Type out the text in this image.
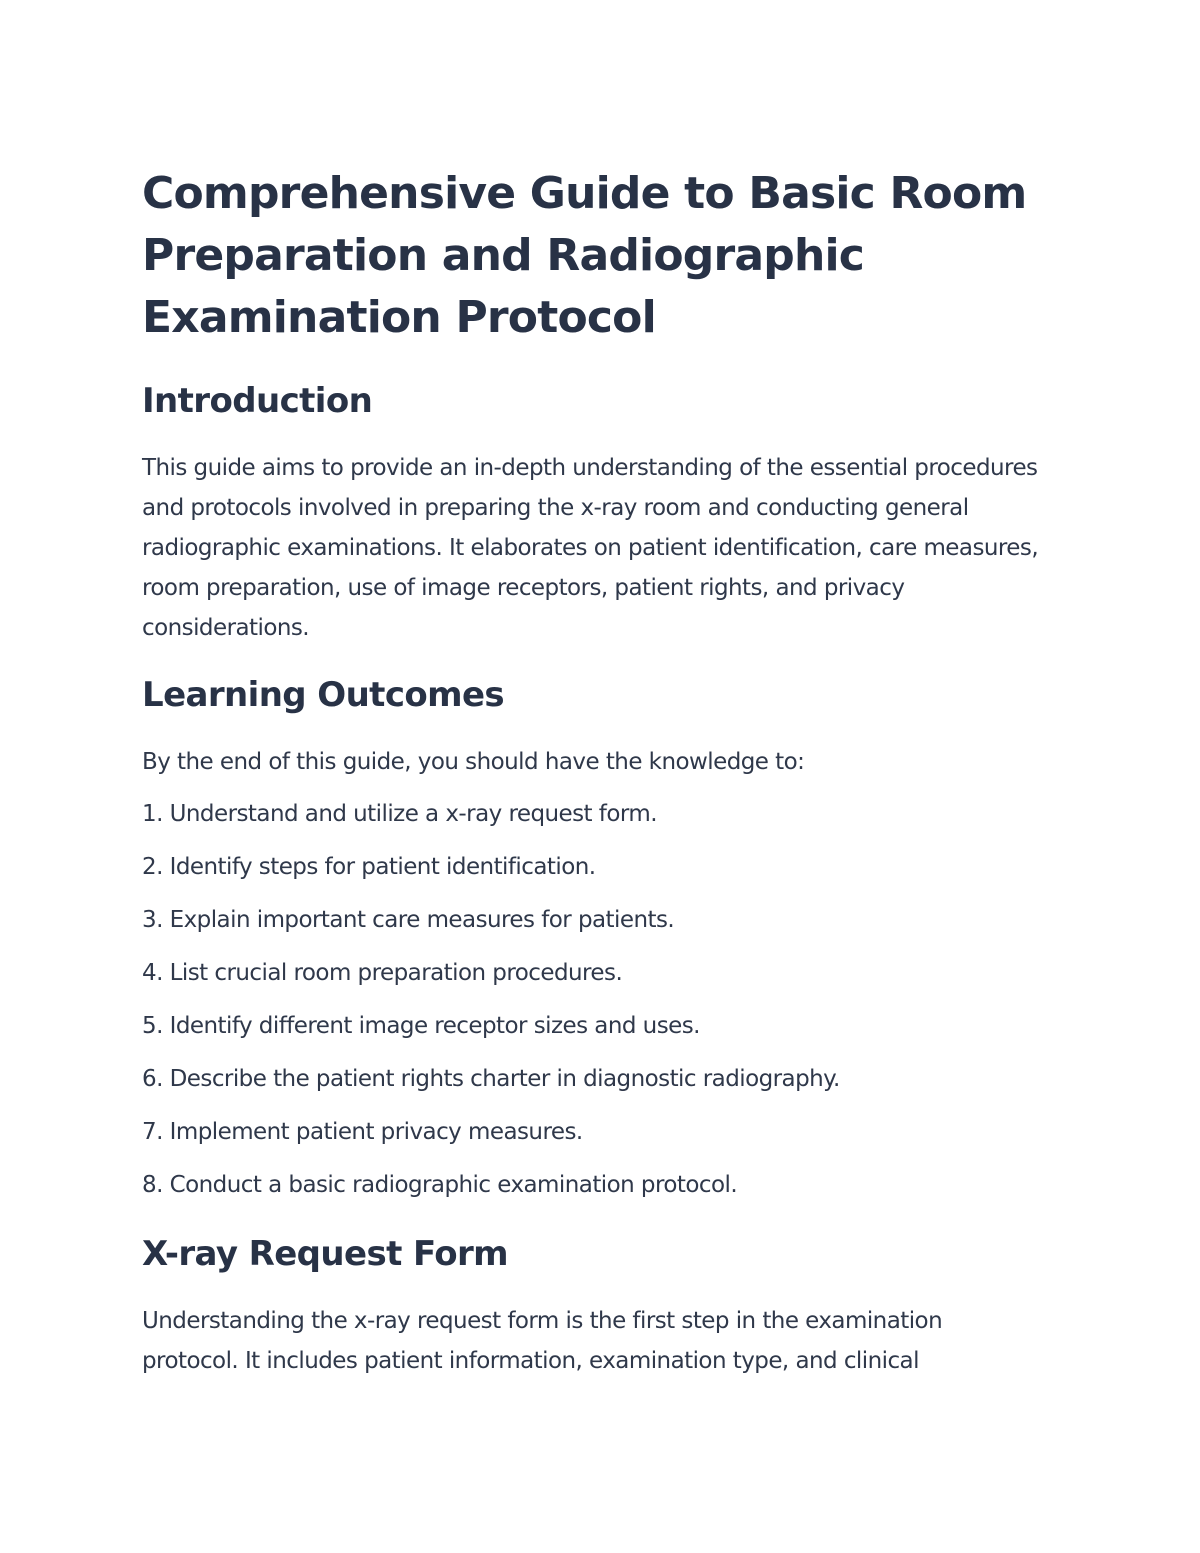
Comprehensive Guide to Basic Room Preparation and Radiographic Examination Protocol
Introduction

This guide aims to provide an in-depth understanding of the essential procedures and protocols involved in preparing the x-ray room and conducting general radiographic examinations. It elaborates on patient identification, care measures, room preparation, use of image receptors, patient rights, and privacy considerations.

Learning Outcomes

By the end of this guide, you should have the knowledge to:

1. Understand and utilize a x-ray request form.
2. Identify steps for patient identification.
3. Explain important care measures for patients.
4. List crucial room preparation procedures.
5. Identify different image receptor sizes and uses.
6. Describe the patient rights charter in diagnostic radiography.
7. Implement patient privacy measures.
8. Conduct a basic radiographic examination protocol.
X-ray Request Form

Understanding the x-ray request form is the first step in the examination protocol. It includes patient information, examination type, and clinical
